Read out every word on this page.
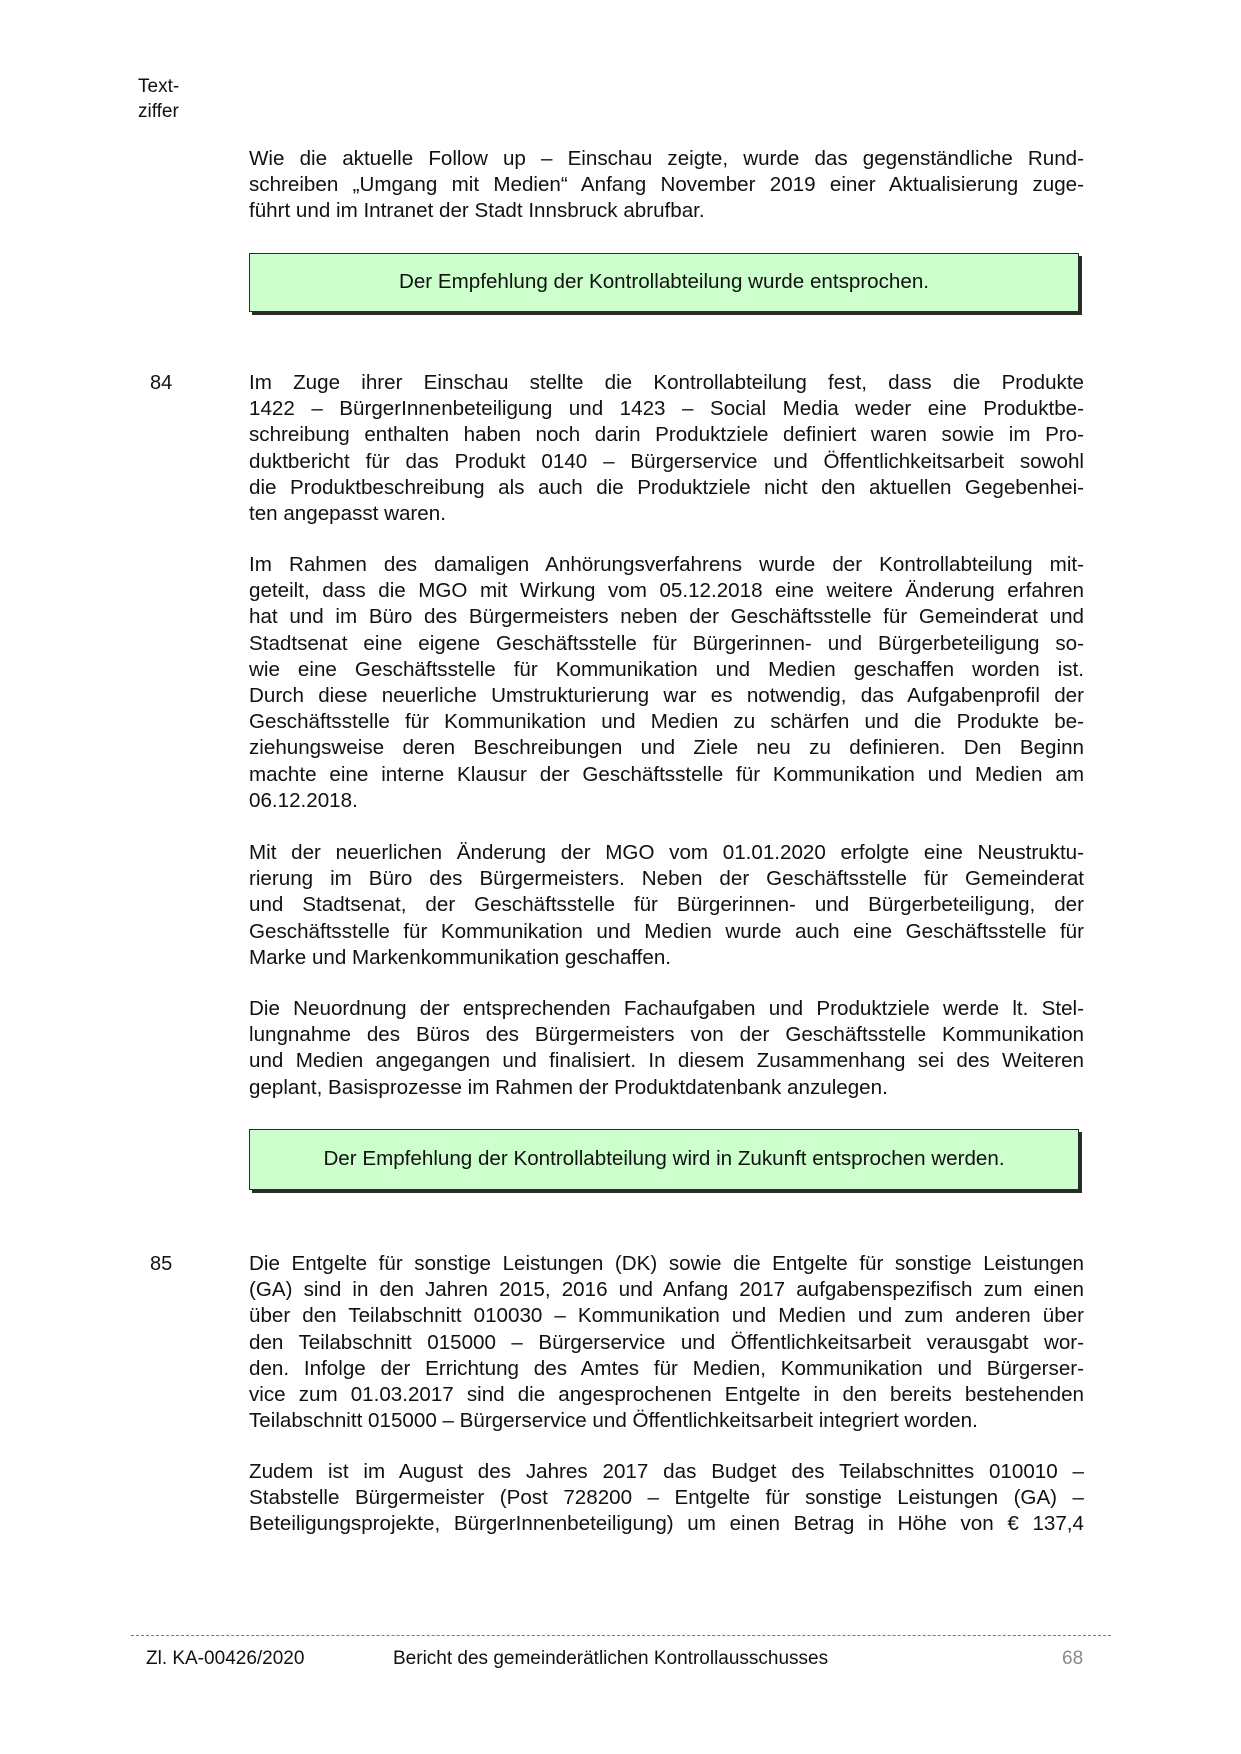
Text-
ziffer
Wie die aktuelle Follow up – Einschau zeigte, wurde das gegenständliche Rund-
schreiben „Umgang mit Medien“ Anfang November 2019 einer Aktualisierung zuge-
führt und im Intranet der Stadt Innsbruck abrufbar.
Der Empfehlung der Kontrollabteilung wurde entsprochen.
84	Im Zuge ihrer Einschau stellte die Kontrollabteilung fest, dass die Produkte
1422 – BürgerInnenbeteiligung und 1423 – Social Media weder eine Produktbe-
schreibung enthalten haben noch darin Produktziele definiert waren sowie im Pro-
duktbericht für das Produkt 0140 – Bürgerservice und Öffentlichkeitsarbeit sowohl
die Produktbeschreibung als auch die Produktziele nicht den aktuellen Gegebenhei-
ten angepasst waren.
Im Rahmen des damaligen Anhörungsverfahrens wurde der Kontrollabteilung mit-
geteilt, dass die MGO mit Wirkung vom 05.12.2018 eine weitere Änderung erfahren
hat und im Büro des Bürgermeisters neben der Geschäftsstelle für Gemeinderat und
Stadtsenat eine eigene Geschäftsstelle für Bürgerinnen- und Bürgerbeteiligung so-
wie eine Geschäftsstelle für Kommunikation und Medien geschaffen worden ist.
Durch diese neuerliche Umstrukturierung war es notwendig, das Aufgabenprofil der
Geschäftsstelle für Kommunikation und Medien zu schärfen und die Produkte be-
ziehungsweise deren Beschreibungen und Ziele neu zu definieren. Den Beginn
machte eine interne Klausur der Geschäftsstelle für Kommunikation und Medien am
06.12.2018.
Mit der neuerlichen Änderung der MGO vom 01.01.2020 erfolgte eine Neustruktu-
rierung im Büro des Bürgermeisters. Neben der Geschäftsstelle für Gemeinderat
und Stadtsenat, der Geschäftsstelle für Bürgerinnen- und Bürgerbeteiligung, der
Geschäftsstelle für Kommunikation und Medien wurde auch eine Geschäftsstelle für
Marke und Markenkommunikation geschaffen.
Die Neuordnung der entsprechenden Fachaufgaben und Produktziele werde lt. Stel-
lungnahme des Büros des Bürgermeisters von der Geschäftsstelle Kommunikation
und Medien angegangen und finalisiert. In diesem Zusammenhang sei des Weiteren
geplant, Basisprozesse im Rahmen der Produktdatenbank anzulegen.
Der Empfehlung der Kontrollabteilung wird in Zukunft entsprochen werden.
85	Die Entgelte für sonstige Leistungen (DK) sowie die Entgelte für sonstige Leistungen
(GA) sind in den Jahren 2015, 2016 und Anfang 2017 aufgabenspezifisch zum einen
über den Teilabschnitt 010030 – Kommunikation und Medien und zum anderen über
den Teilabschnitt 015000 – Bürgerservice und Öffentlichkeitsarbeit verausgabt wor-
den. Infolge der Errichtung des Amtes für Medien, Kommunikation und Bürgerser-
vice zum 01.03.2017 sind die angesprochenen Entgelte in den bereits bestehenden
Teilabschnitt 015000 – Bürgerservice und Öffentlichkeitsarbeit integriert worden.
Zudem ist im August des Jahres 2017 das Budget des Teilabschnittes 010010 –
Stabstelle Bürgermeister (Post 728200 – Entgelte für sonstige Leistungen (GA) –
Beteiligungsprojekte, BürgerInnenbeteiligung) um einen Betrag in Höhe von € 137,4
Zl. KA-00426/2020	Bericht des gemeinderätlichen Kontrollausschusses	68
